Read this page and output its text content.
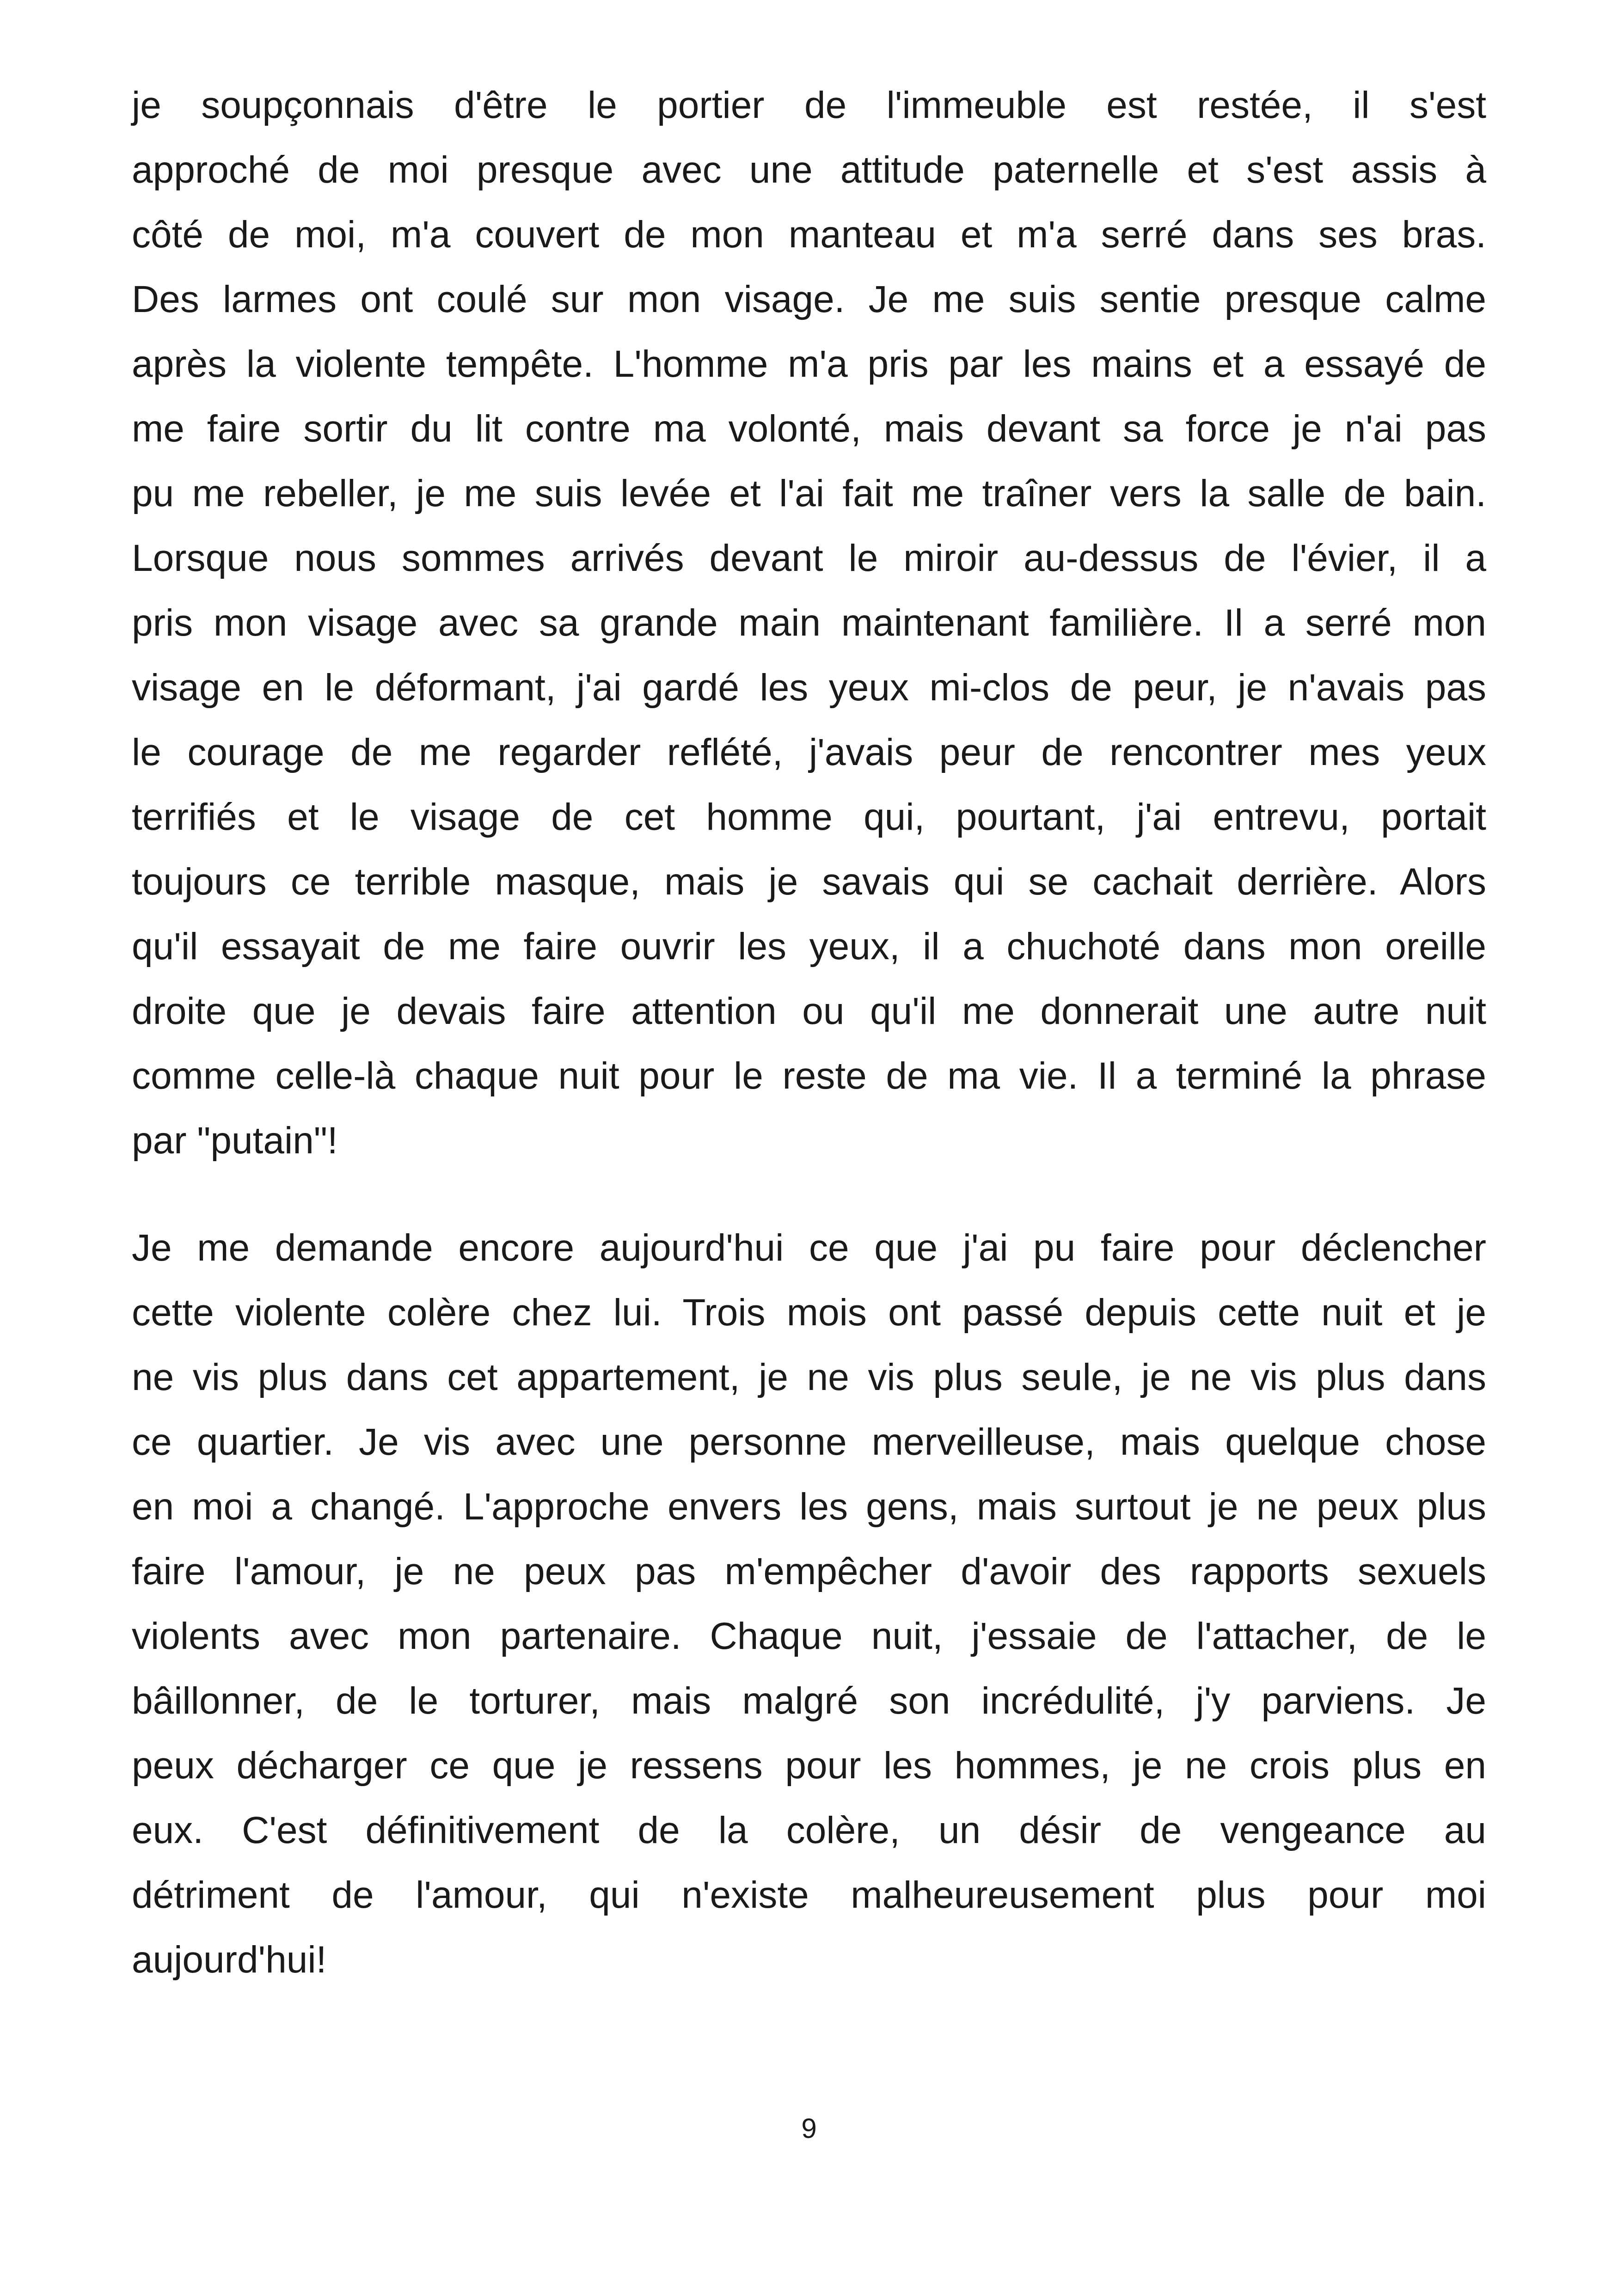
je soupçonnais d'être le portier de l'immeuble est restée, il s'est
approché de moi presque avec une attitude paternelle et s'est assis à
côté de moi, m'a couvert de mon manteau et m'a serré dans ses bras.
Des larmes ont coulé sur mon visage. Je me suis sentie presque calme
après la violente tempête. L'homme m'a pris par les mains et a essayé de
me faire sortir du lit contre ma volonté, mais devant sa force je n'ai pas
pu me rebeller, je me suis levée et l'ai fait me traîner vers la salle de bain.
Lorsque nous sommes arrivés devant le miroir au-dessus de l'évier, il a
pris mon visage avec sa grande main maintenant familière. Il a serré mon
visage en le déformant, j'ai gardé les yeux mi-clos de peur, je n'avais pas
le courage de me regarder reflété, j'avais peur de rencontrer mes yeux
terrifiés et le visage de cet homme qui, pourtant, j'ai entrevu, portait
toujours ce terrible masque, mais je savais qui se cachait derrière. Alors
qu'il essayait de me faire ouvrir les yeux, il a chuchoté dans mon oreille
droite que je devais faire attention ou qu'il me donnerait une autre nuit
comme celle-là chaque nuit pour le reste de ma vie. Il a terminé la phrase
par "putain"!
Je me demande encore aujourd'hui ce que j'ai pu faire pour déclencher
cette violente colère chez lui. Trois mois ont passé depuis cette nuit et je
ne vis plus dans cet appartement, je ne vis plus seule, je ne vis plus dans
ce quartier. Je vis avec une personne merveilleuse, mais quelque chose
en moi a changé. L'approche envers les gens, mais surtout je ne peux plus
faire l'amour, je ne peux pas m'empêcher d'avoir des rapports sexuels
violents avec mon partenaire. Chaque nuit, j'essaie de l'attacher, de le
bâillonner, de le torturer, mais malgré son incrédulité, j'y parviens. Je
peux décharger ce que je ressens pour les hommes, je ne crois plus en
eux. C'est définitivement de la colère, un désir de vengeance au
détriment de l'amour, qui n'existe malheureusement plus pour moi
aujourd'hui!
9
